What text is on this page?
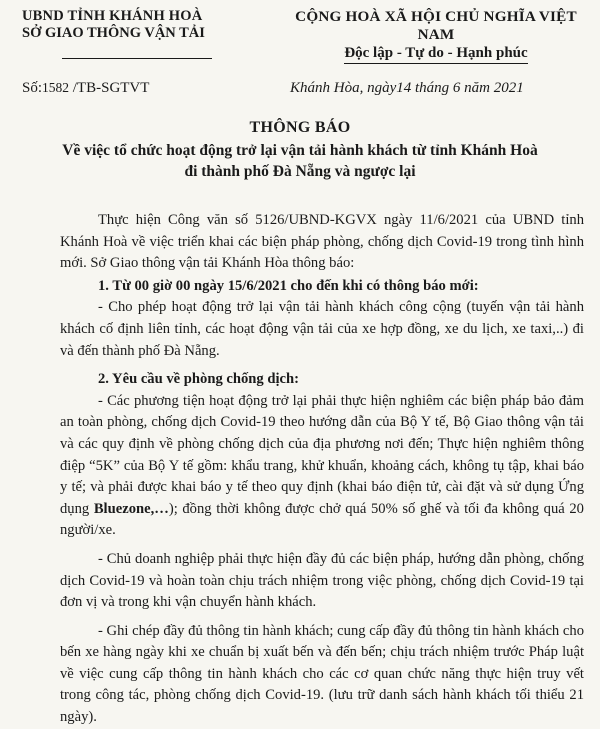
UBND TỈNH KHÁNH HOÀ
SỞ GIAO THÔNG VẬN TẢI
CỘNG HOÀ XÃ HỘI CHỦ NGHĨA VIỆT NAM
Độc lập - Tự do - Hạnh phúc
Số:1582 /TB-SGTVT	Khánh Hòa, ngày14 tháng 6 năm 2021
THÔNG BÁO
Về việc tổ chức hoạt động trở lại vận tải hành khách từ tỉnh Khánh Hoà
đi thành phố Đà Nẵng và ngược lại

Thực hiện Công văn số 5126/UBND-KGVX ngày 11/6/2021 của UBND tỉnh Khánh Hoà về việc triển khai các biện pháp phòng, chống dịch Covid-19 trong tình hình mới. Sở Giao thông vận tải Khánh Hòa thông báo:

1. Từ 00 giờ 00 ngày 15/6/2021 cho đến khi có thông báo mới:

- Cho phép hoạt động trở lại vận tải hành khách công cộng (tuyến vận tải hành khách cố định liên tỉnh, các hoạt động vận tải của xe hợp đồng, xe du lịch, xe taxi,..) đi và đến thành phố Đà Nẵng.

2. Yêu cầu về phòng chống dịch:

- Các phương tiện hoạt động trở lại phải thực hiện nghiêm các biện pháp bảo đảm an toàn phòng, chống dịch Covid-19 theo hướng dẫn của Bộ Y tế, Bộ Giao thông vận tải và các quy định về phòng chống dịch của địa phương nơi đến; Thực hiện nghiêm thông điệp “5K” của Bộ Y tế gồm: khẩu trang, khử khuẩn, khoảng cách, không tụ tập, khai báo y tế; và phải được khai báo y tế theo quy định (khai báo điện tử, cài đặt và sử dụng Ứng dụng Bluezone,…); đồng thời không được chở quá 50% số ghế và tối đa không quá 20 người/xe.

- Chủ doanh nghiệp phải thực hiện đầy đủ các biện pháp, hướng dẫn phòng, chống dịch Covid-19 và hoàn toàn chịu trách nhiệm trong việc phòng, chống dịch Covid-19 tại đơn vị và trong khi vận chuyển hành khách.

- Ghi chép đầy đủ thông tin hành khách; cung cấp đầy đủ thông tin hành khách cho bến xe hàng ngày khi xe chuẩn bị xuất bến và đến bến; chịu trách nhiệm trước Pháp luật về việc cung cấp thông tin hành khách cho các cơ quan chức năng thực hiện truy vết trong công tác, phòng chống dịch Covid-19. (lưu trữ danh sách hành khách tối thiểu 21 ngày).
